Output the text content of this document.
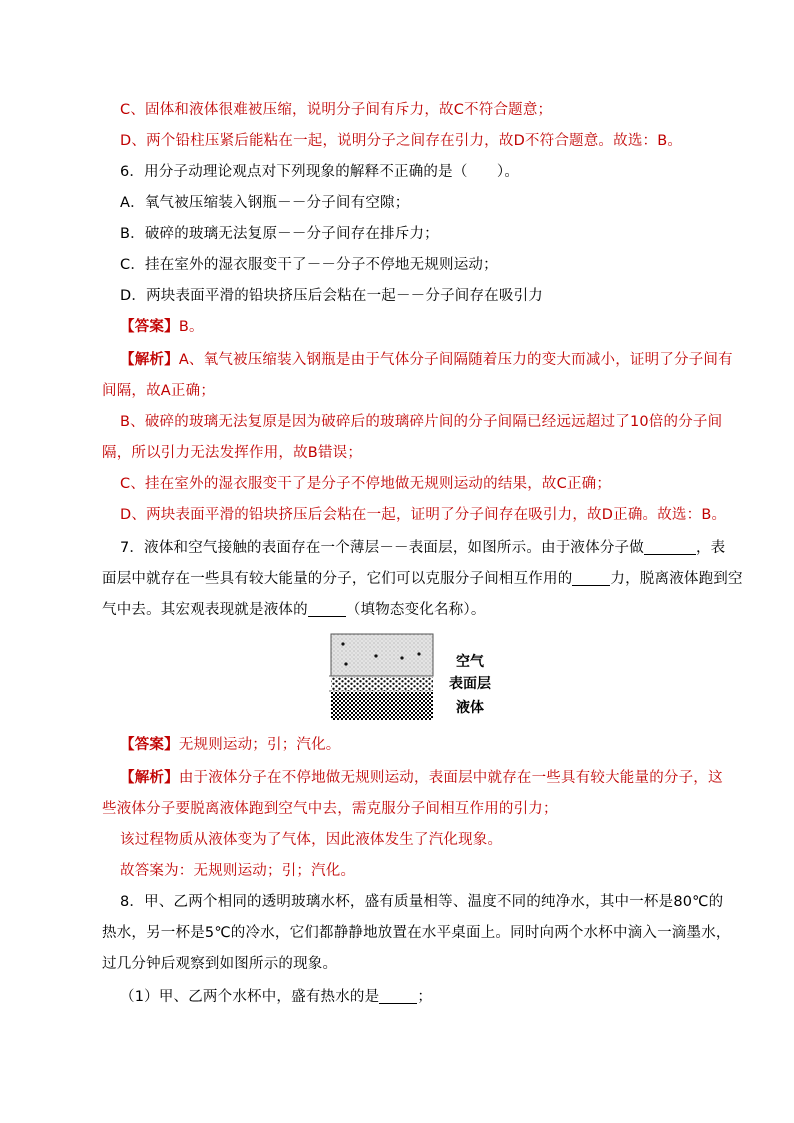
C、固体和液体很难被压缩，说明分子间有斥力，故C不符合题意；
D、两个铅柱压紧后能粘在一起，说明分子之间存在引力，故D不符合题意。故选：B。
6．用分子动理论观点对下列现象的解释不正确的是（　　）。
A．氧气被压缩装入钢瓶－－分子间有空隙；
B．破碎的玻璃无法复原－－分子间存在排斥力；
C．挂在室外的湿衣服变干了－－分子不停地无规则运动；
D．两块表面平滑的铅块挤压后会粘在一起－－分子间存在吸引力
【答案】B。
【解析】A、氧气被压缩装入钢瓶是由于气体分子间隔随着压力的变大而减小，证明了分子间有
间隔，故A正确；
B、破碎的玻璃无法复原是因为破碎后的玻璃碎片间的分子间隔已经远远超过了10倍的分子间
隔，所以引力无法发挥作用，故B错误；
C、挂在室外的湿衣服变干了是分子不停地做无规则运动的结果，故C正确；
D、两块表面平滑的铅块挤压后会粘在一起，证明了分子间存在吸引力，故D正确。故选：B。
7．液体和空气接触的表面存在一个薄层－－表面层，如图所示。由于液体分子做	，表
面层中就存在一些具有较大能量的分子，它们可以克服分子间相互作用的	力，脱离液体跑到空
气中去。其宏观表现就是液体的	（填物态变化名称）。
空气
表面层
液体
【答案】无规则运动；引；汽化。
【解析】由于液体分子在不停地做无规则运动，表面层中就存在一些具有较大能量的分子，这
些液体分子要脱离液体跑到空气中去，需克服分子间相互作用的引力；
该过程物质从液体变为了气体，因此液体发生了汽化现象。
故答案为：无规则运动；引；汽化。
8．甲、乙两个相同的透明玻璃水杯，盛有质量相等、温度不同的纯净水，其中一杯是80℃的
热水，另一杯是5℃的冷水，它们都静静地放置在水平桌面上。同时向两个水杯中滴入一滴墨水，
过几分钟后观察到如图所示的现象。
（1）甲、乙两个水杯中，盛有热水的是	；
